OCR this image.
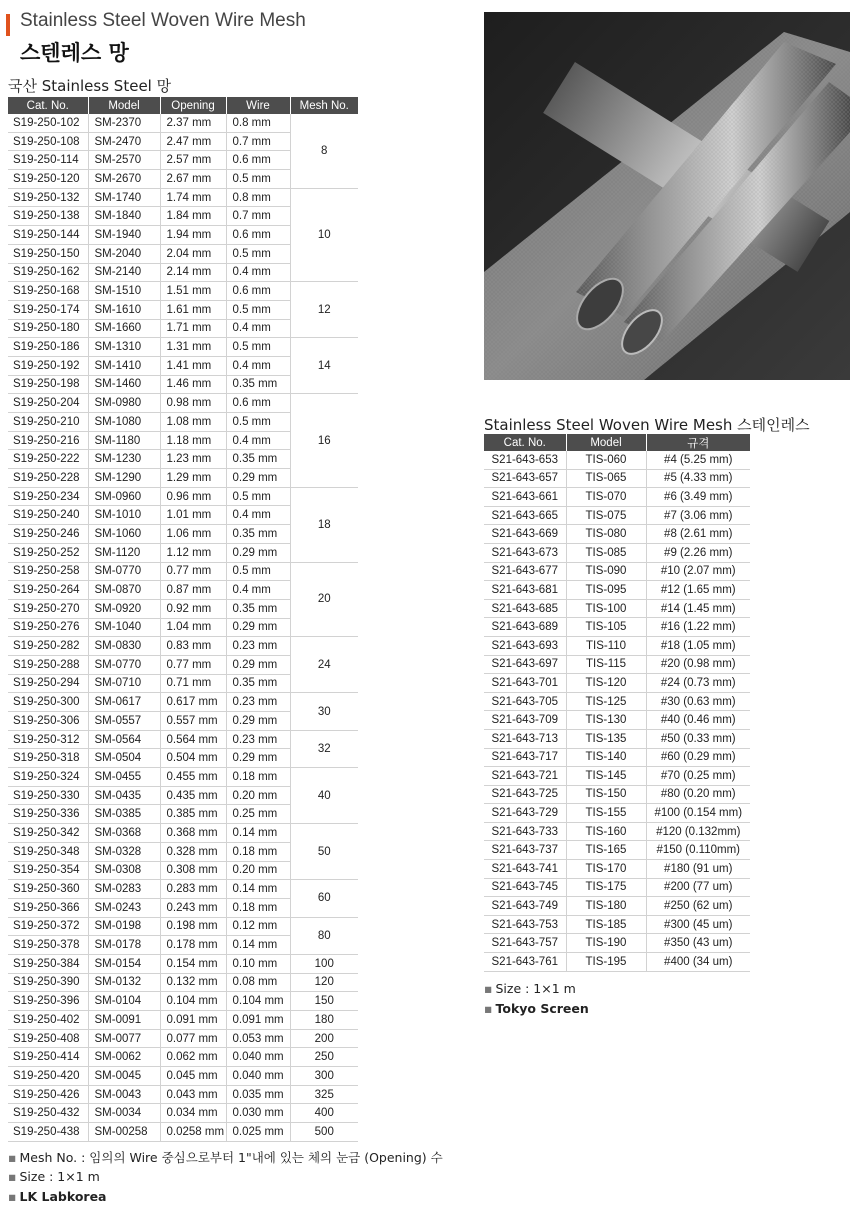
Stainless Steel Woven Wire Mesh
스텐레스 망
국산 Stainless Steel 망
Cat. No.	Model	Opening	Wire	Mesh No.
S19-250-102	SM-2370	2.37 mm	0.8 mm	8
S19-250-108	SM-2470	2.47 mm	0.7 mm	
S19-250-114	SM-2570	2.57 mm	0.6 mm	
S19-250-120	SM-2670	2.67 mm	0.5 mm	
S19-250-132	SM-1740	1.74 mm	0.8 mm	10
S19-250-138	SM-1840	1.84 mm	0.7 mm	
S19-250-144	SM-1940	1.94 mm	0.6 mm	
S19-250-150	SM-2040	2.04 mm	0.5 mm	
S19-250-162	SM-2140	2.14 mm	0.4 mm	
S19-250-168	SM-1510	1.51 mm	0.6 mm	12
S19-250-174	SM-1610	1.61 mm	0.5 mm	
S19-250-180	SM-1660	1.71 mm	0.4 mm	
S19-250-186	SM-1310	1.31 mm	0.5 mm	14
S19-250-192	SM-1410	1.41 mm	0.4 mm	
S19-250-198	SM-1460	1.46 mm	0.35 mm	
S19-250-204	SM-0980	0.98 mm	0.6 mm	16
S19-250-210	SM-1080	1.08 mm	0.5 mm	
S19-250-216	SM-1180	1.18 mm	0.4 mm	
S19-250-222	SM-1230	1.23 mm	0.35 mm	
S19-250-228	SM-1290	1.29 mm	0.29 mm	
S19-250-234	SM-0960	0.96 mm	0.5 mm	18
S19-250-240	SM-1010	1.01 mm	0.4 mm	
S19-250-246	SM-1060	1.06 mm	0.35 mm	
S19-250-252	SM-1120	1.12 mm	0.29 mm	
S19-250-258	SM-0770	0.77 mm	0.5 mm	20
S19-250-264	SM-0870	0.87 mm	0.4 mm	
S19-250-270	SM-0920	0.92 mm	0.35 mm	
S19-250-276	SM-1040	1.04 mm	0.29 mm	
S19-250-282	SM-0830	0.83 mm	0.23 mm	24
S19-250-288	SM-0770	0.77 mm	0.29 mm	
S19-250-294	SM-0710	0.71 mm	0.35 mm	
S19-250-300	SM-0617	0.617 mm	0.23 mm	30
S19-250-306	SM-0557	0.557 mm	0.29 mm	
S19-250-312	SM-0564	0.564 mm	0.23 mm	32
S19-250-318	SM-0504	0.504 mm	0.29 mm	
S19-250-324	SM-0455	0.455 mm	0.18 mm	40
S19-250-330	SM-0435	0.435 mm	0.20 mm	
S19-250-336	SM-0385	0.385 mm	0.25 mm	
S19-250-342	SM-0368	0.368 mm	0.14 mm	50
S19-250-348	SM-0328	0.328 mm	0.18 mm	
S19-250-354	SM-0308	0.308 mm	0.20 mm	
S19-250-360	SM-0283	0.283 mm	0.14 mm	60
S19-250-366	SM-0243	0.243 mm	0.18 mm	
S19-250-372	SM-0198	0.198 mm	0.12 mm	80
S19-250-378	SM-0178	0.178 mm	0.14 mm	
S19-250-384	SM-0154	0.154 mm	0.10 mm	100
S19-250-390	SM-0132	0.132 mm	0.08 mm	120
S19-250-396	SM-0104	0.104 mm	0.104 mm	150
S19-250-402	SM-0091	0.091 mm	0.091 mm	180
S19-250-408	SM-0077	0.077 mm	0.053 mm	200
S19-250-414	SM-0062	0.062 mm	0.040 mm	250
S19-250-420	SM-0045	0.045 mm	0.040 mm	300
S19-250-426	SM-0043	0.043 mm	0.035 mm	325
S19-250-432	SM-0034	0.034 mm	0.030 mm	400
S19-250-438	SM-00258	0.0258 mm	0.025 mm	500
▪ Mesh No. : 임의의 Wire 중심으로부터 1"내에 있는 체의 눈금 (Opening) 수
▪ Size : 1×1 m
▪ LK Labkorea
Stainless Steel Woven Wire Mesh 스테인레스
Cat. No.	Model	규격
S21-643-653	TIS-060	#4 (5.25 mm)
S21-643-657	TIS-065	#5 (4.33 mm)
S21-643-661	TIS-070	#6 (3.49 mm)
S21-643-665	TIS-075	#7 (3.06 mm)
S21-643-669	TIS-080	#8 (2.61 mm)
S21-643-673	TIS-085	#9 (2.26 mm)
S21-643-677	TIS-090	#10 (2.07 mm)
S21-643-681	TIS-095	#12 (1.65 mm)
S21-643-685	TIS-100	#14 (1.45 mm)
S21-643-689	TIS-105	#16 (1.22 mm)
S21-643-693	TIS-110	#18 (1.05 mm)
S21-643-697	TIS-115	#20 (0.98 mm)
S21-643-701	TIS-120	#24 (0.73 mm)
S21-643-705	TIS-125	#30 (0.63 mm)
S21-643-709	TIS-130	#40 (0.46 mm)
S21-643-713	TIS-135	#50 (0.33 mm)
S21-643-717	TIS-140	#60 (0.29 mm)
S21-643-721	TIS-145	#70 (0.25 mm)
S21-643-725	TIS-150	#80 (0.20 mm)
S21-643-729	TIS-155	#100 (0.154 mm)
S21-643-733	TIS-160	#120 (0.132mm)
S21-643-737	TIS-165	#150 (0.110mm)
S21-643-741	TIS-170	#180 (91 um)
S21-643-745	TIS-175	#200 (77 um)
S21-643-749	TIS-180	#250 (62 um)
S21-643-753	TIS-185	#300 (45 um)
S21-643-757	TIS-190	#350 (43 um)
S21-643-761	TIS-195	#400 (34 um)
▪ Size : 1×1 m
▪ Tokyo Screen
